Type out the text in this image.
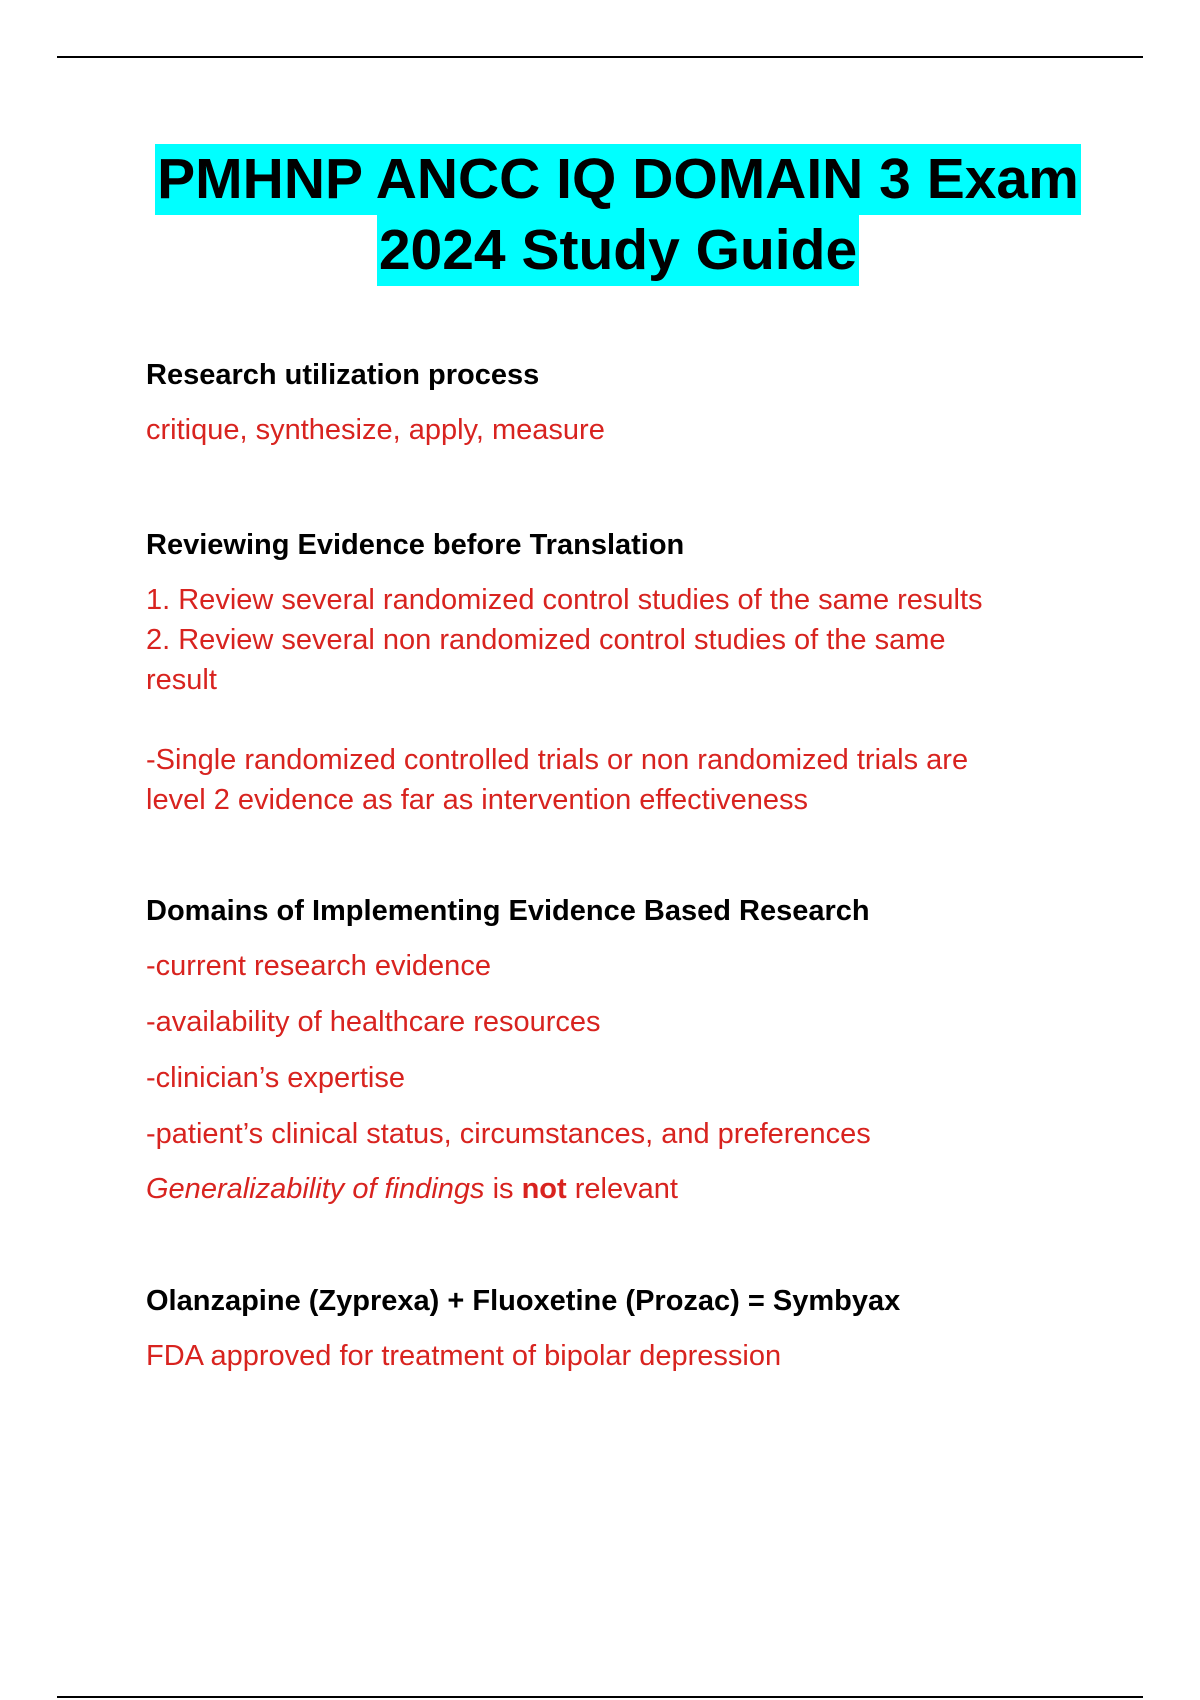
PMHNP ANCC IQ DOMAIN 3 Exam
2024 Study Guide
Research utilization process
critique, synthesize, apply, measure
Reviewing Evidence before Translation
1. Review several randomized control studies of the same results
2. Review several non randomized control studies of the same
result
-Single randomized controlled trials or non randomized trials are
level 2 evidence as far as intervention effectiveness
Domains of Implementing Evidence Based Research
-current research evidence
-availability of healthcare resources
-clinician’s expertise
-patient’s clinical status, circumstances, and preferences
Generalizability of findings is not relevant
Olanzapine (Zyprexa) + Fluoxetine (Prozac) = Symbyax
FDA approved for treatment of bipolar depression
